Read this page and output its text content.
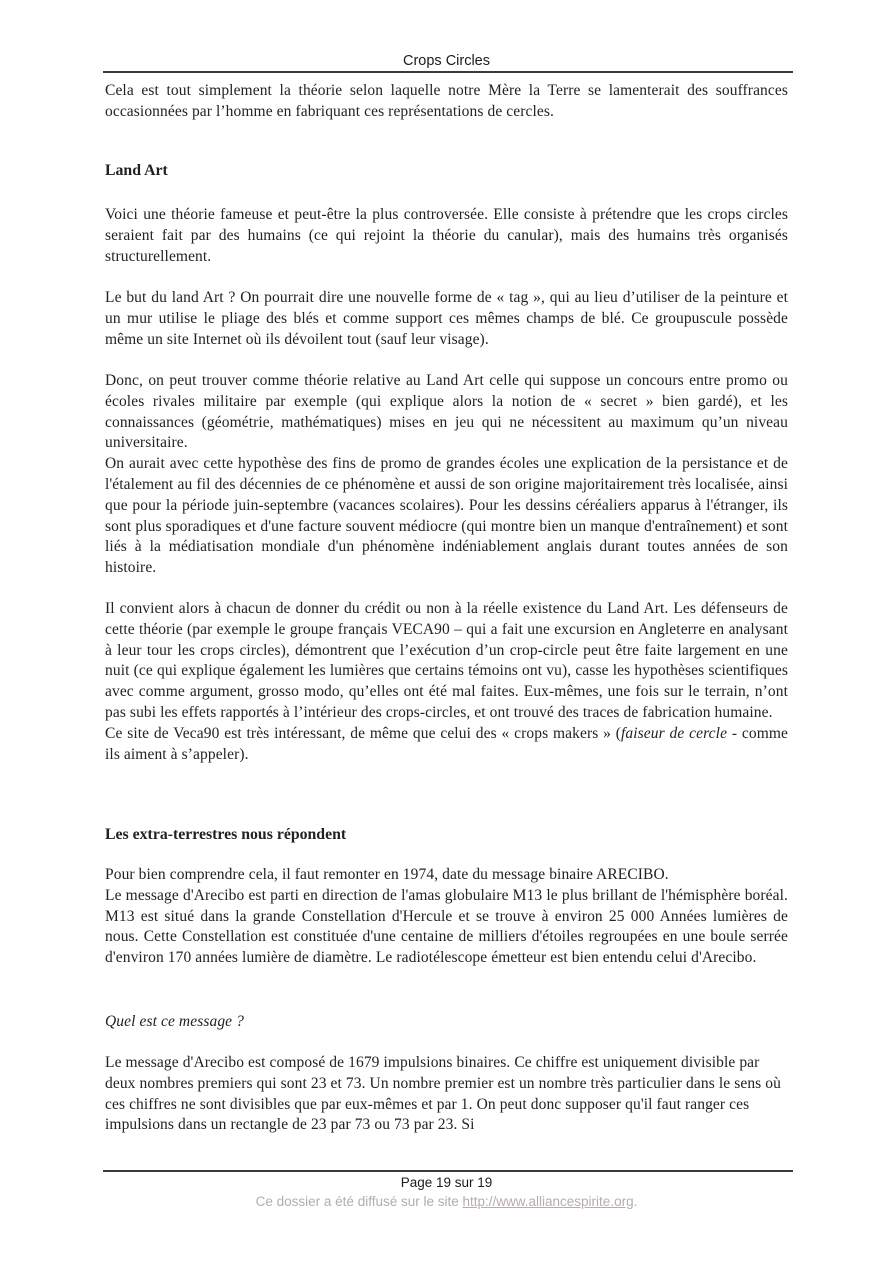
Crops Circles

Cela est tout simplement la théorie selon laquelle notre Mère la Terre se lamenterait des souffrances occasionnées par l’homme en fabriquant ces représentations de cercles.

Land Art

Voici une théorie fameuse et peut-être la plus controversée. Elle consiste à prétendre que les crops circles seraient fait par des humains (ce qui rejoint la théorie du canular), mais des humains très organisés structurellement.

Le but du land Art ? On pourrait dire une nouvelle forme de « tag », qui au lieu d’utiliser de la peinture et un mur utilise le pliage des blés et comme support ces mêmes champs de blé. Ce groupuscule possède même un site Internet où ils dévoilent tout (sauf leur visage).

Donc, on peut trouver comme théorie relative au Land Art celle qui suppose un concours entre promo ou écoles rivales militaire par exemple (qui explique alors la notion de « secret » bien gardé), et les connaissances (géométrie, mathématiques) mises en jeu qui ne nécessitent au maximum qu’un niveau universitaire.
On aurait avec cette hypothèse des fins de promo de grandes écoles une explication de la persistance et de l'étalement au fil des décennies de ce phénomène et aussi de son origine majoritairement très localisée, ainsi que pour la période juin-septembre (vacances scolaires). Pour les dessins céréaliers apparus à l'étranger, ils sont plus sporadiques et d'une facture souvent médiocre (qui montre bien un manque d'entraînement) et sont liés à la médiatisation mondiale d'un phénomène indéniablement anglais durant toutes années de son histoire.

Il convient alors à chacun de donner du crédit ou non à la réelle existence du Land Art. Les défenseurs de cette théorie (par exemple le groupe français VECA90 – qui a fait une excursion en Angleterre en analysant à leur tour les crops circles), démontrent que l’exécution d’un crop-circle peut être faite largement en une nuit (ce qui explique également les lumières que certains témoins ont vu), casse les hypothèses scientifiques avec comme argument, grosso modo, qu’elles ont été mal faites. Eux-mêmes, une fois sur le terrain, n’ont pas subi les effets rapportés à l’intérieur des crops-circles, et ont trouvé des traces de fabrication humaine.
Ce site de Veca90 est très intéressant, de même que celui des « crops makers » (faiseur de cercle - comme ils aiment à s’appeler).

Les extra-terrestres nous répondent

Pour bien comprendre cela, il faut remonter en 1974, date du message binaire ARECIBO.
Le message d'Arecibo est parti en direction de l'amas globulaire M13 le plus brillant de l'hémisphère boréal. M13 est situé dans la grande Constellation d'Hercule et se trouve à environ 25 000 Années lumières de nous. Cette Constellation est constituée d'une centaine de milliers d'étoiles regroupées en une boule serrée d'environ 170 années lumière de diamètre. Le radiotélescope émetteur est bien entendu celui d'Arecibo.

Quel est ce message ?

Le message d'Arecibo est composé de 1679 impulsions binaires. Ce chiffre est uniquement divisible par deux nombres premiers qui sont 23 et 73. Un nombre premier est un nombre très particulier dans le sens où ces chiffres ne sont divisibles que par eux-mêmes et par 1. On peut donc supposer qu'il faut ranger ces impulsions dans un rectangle de 23 par 73 ou 73 par 23. Si

Page 19 sur 19
Ce dossier a été diffusé sur le site http://www.alliancespirite.org.
